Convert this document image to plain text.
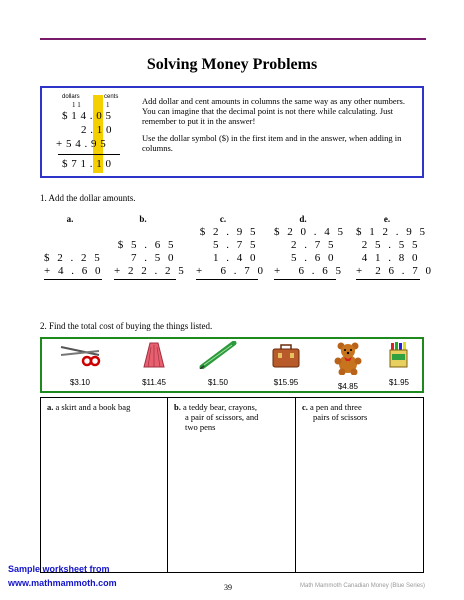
Solving Money Problems
dollars	cents
1 1	1
$ 1 4 . 0 5
2 . 1 0
+ 5 4 . 9 5
$ 7 1 . 1 0

Add dollar and cent amounts in columns the same way as any other numbers. You can imagine that the decimal point is not there while calculating. Just remember to put it in the answer!

Use the dollar symbol ($) in the first item and in the answer, when adding in columns.

1. Add the dollar amounts.
a.	b.	c.	d.	e.
$ 2 . 2 5
+ 4 . 6 0
$ 5 . 6 5
7 . 5 0
+ 2 2 . 2 5
$ 2 . 9 5
5 . 7 5
1 . 4 0
+   6 . 7 0
$ 2 0 . 4 5
2 . 7 5
5 . 6 0
+   6 . 6 5
$ 1 2 . 9 5
2 5 . 5 5
4 1 . 8 0
+  2 6 . 7 0
2. Find the total cost of buying the things listed.
$3.10	$11.45	$1.50	$15.95	$4.85	$1.95
a. a skirt and a book bag	b. a teddy bear, crayons,
a pair of scissors, and
two pens
c. a pen and three
pairs of scissors
Sample worksheet from
www.mathmammoth.com	39	Math Mammoth Canadian Money (Blue Series)
